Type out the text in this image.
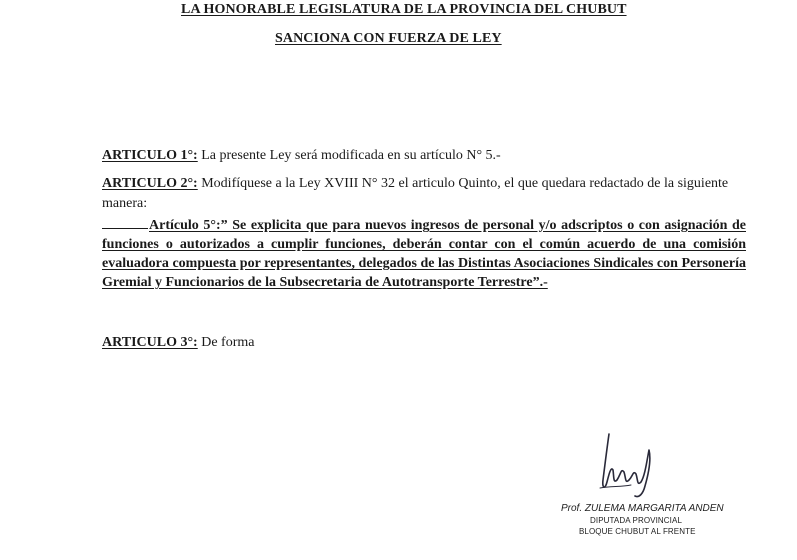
LA HONORABLE LEGISLATURA DE LA PROVINCIA DEL CHUBUT
SANCIONA CON FUERZA DE LEY
ARTICULO 1°: La presente Ley será modificada en su artículo N° 5.-
ARTICULO 2°: Modifíquese a la Ley XVIII N° 32 el articulo Quinto, el que quedara redactado de la siguiente manera:
Artículo 5°:” Se explicita que para nuevos ingresos de personal y/o adscriptos o con asignación de funciones o autorizados a cumplir funciones, deberán contar con el común acuerdo de una comisión evaluadora compuesta por representantes, delegados de las Distintas Asociaciones Sindicales con Personería Gremial y Funcionarios de la Subsecretaria de Autotransporte Terrestre”.-
ARTICULO 3°: De forma
Prof. ZULEMA MARGARITA ANDEN
DIPUTADA PROVINCIAL
BLOQUE CHUBUT AL FRENTE
